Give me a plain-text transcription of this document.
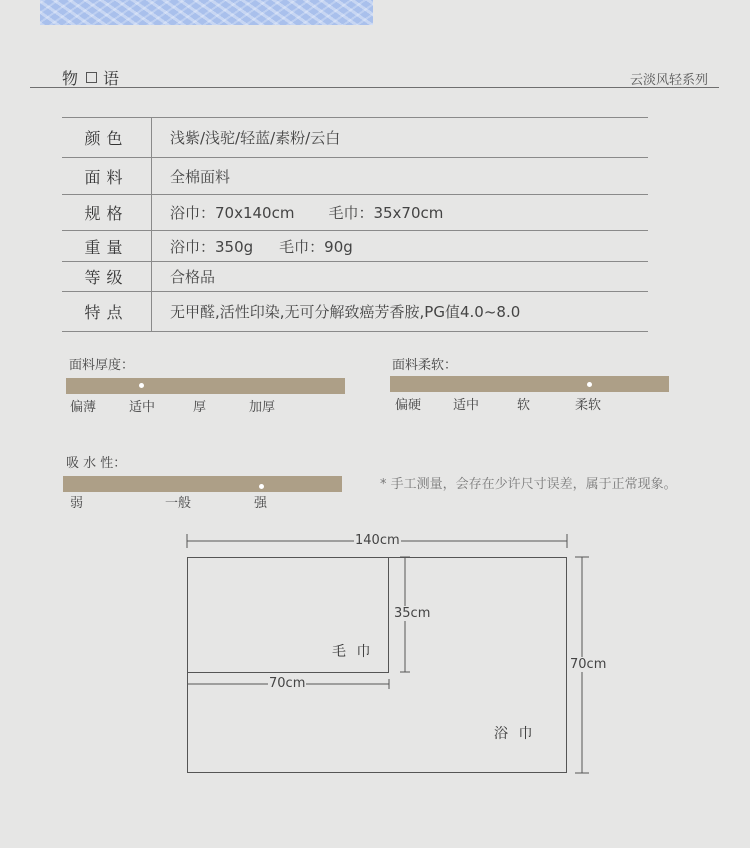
物 语	云淡风轻系列
颜色	浅紫/浅驼/轻蓝/素粉/云白
面料	全棉面料
规格	浴巾：70x140cm 毛巾：35x70cm
重量	浴巾：350g 毛巾：90g
等级	合格品
特点	无甲醛,活性印染,无可分解致癌芳香胺,PG值4.0~8.0
面料厚度：
偏薄	适中	厚	加厚
面料柔软：
偏硬 适中	软	柔软
吸 水 性：
弱	一般	强
* 手工测量，会存在少许尺寸误差，属于正常现象。
140cm
35cm
70cm
70cm
毛 巾
浴 巾
